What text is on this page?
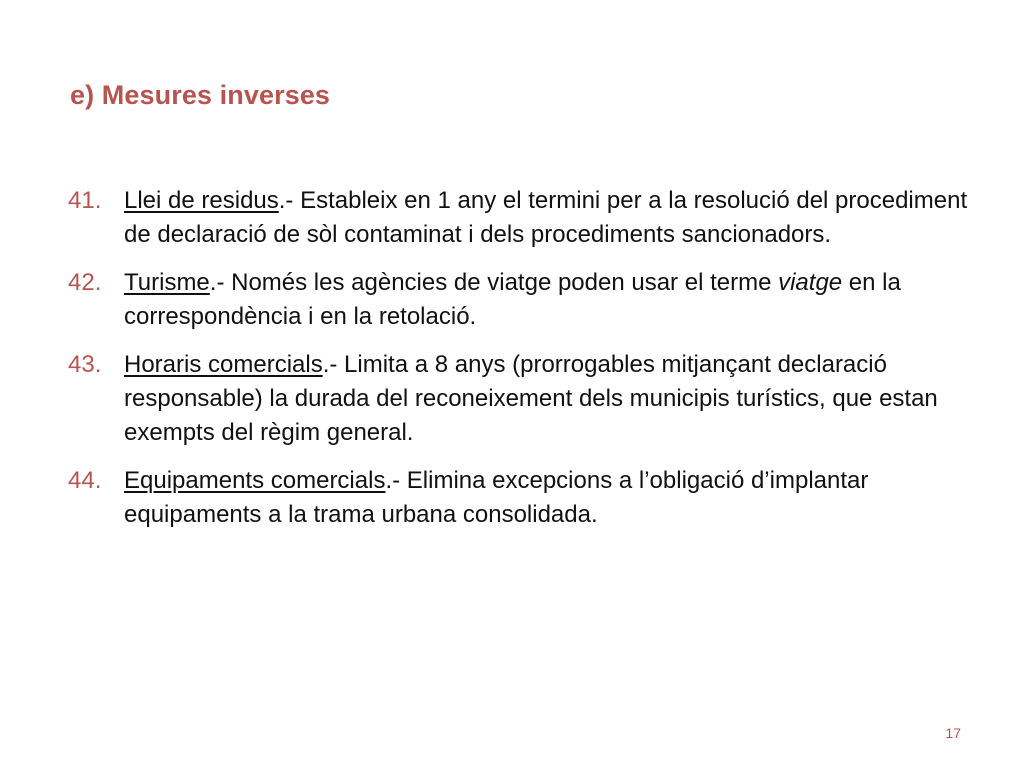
e) Mesures inverses
41. Llei de residus.- Estableix en 1 any el termini per a la resolució del procediment de declaració de sòl contaminat i dels procediments sancionadors.
42. Turisme.- Només les agències de viatge poden usar el terme viatge en la correspondència i en la retolació.
43. Horaris comercials.- Limita a 8 anys (prorrogables mitjançant declaració responsable) la durada del reconeixement dels municipis turístics, que estan exempts del règim general.
44. Equipaments comercials.- Elimina excepcions a l’obligació d’implantar equipaments a la trama urbana consolidada.
17
